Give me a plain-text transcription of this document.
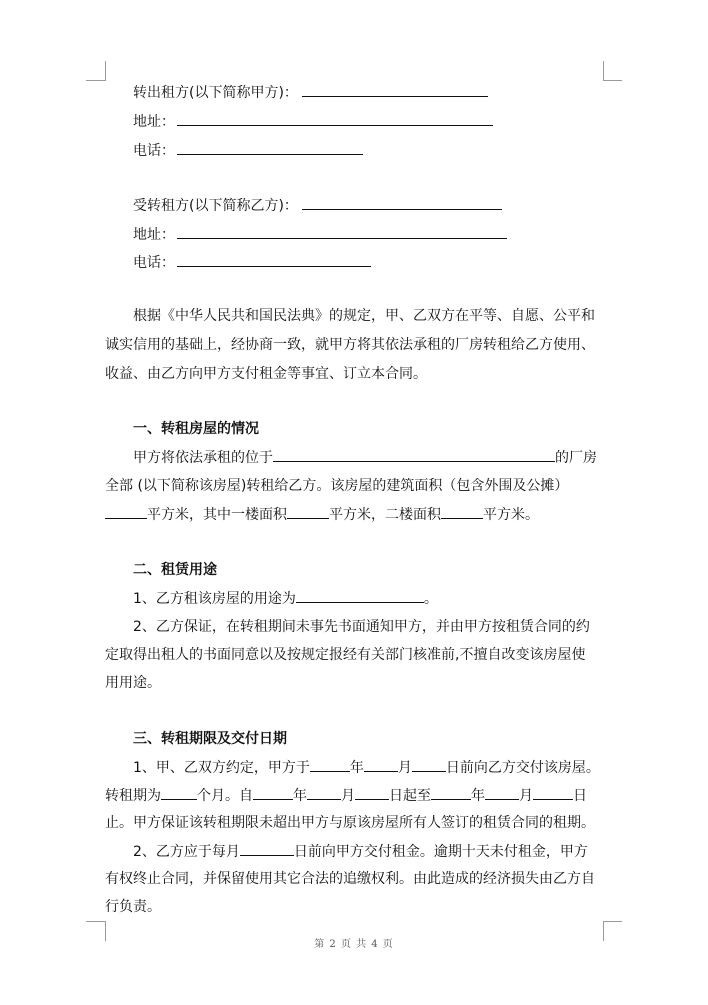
转出租方(以下简称甲方)：
地址：
电话：
受转租方(以下简称乙方)：
地址：
电话：
根据《中华人民共和国民法典》的规定，甲、乙双方在平等、自愿、公平和
诚实信用的基础上，经协商一致，就甲方将其依法承租的厂房转租给乙方使用、
收益、由乙方向甲方支付租金等事宜、订立本合同。
一、转租房屋的情况
甲方将依法承租的位于	的厂房
全部 (以下简称该房屋)转租给乙方。该房屋的建筑面积（包含外围及公摊）
平方米，其中一楼面积	平方米，二楼面积	平方米。
二、租赁用途
1、乙方租该房屋的用途为	。
2、乙方保证，在转租期间未事先书面通知甲方，并由甲方按租赁合同的约
定取得出租人的书面同意以及按规定报经有关部门核准前,不擅自改变该房屋使
用用途。
三、转租期限及交付日期
1、甲、乙双方约定，甲方于	年 月 日前向乙方交付该房屋。
转租期为	个月。自	年 月 日起至	年 月	日
止。甲方保证该转租期限未超出甲方与原该房屋所有人签订的租赁合同的租期。
2、乙方应于每月	日前向甲方交付租金。逾期十天未付租金，甲方
有权终止合同，并保留使用其它合法的追缴权利。由此造成的经济损失由乙方自
行负责。
第 2 页 共 4 页
